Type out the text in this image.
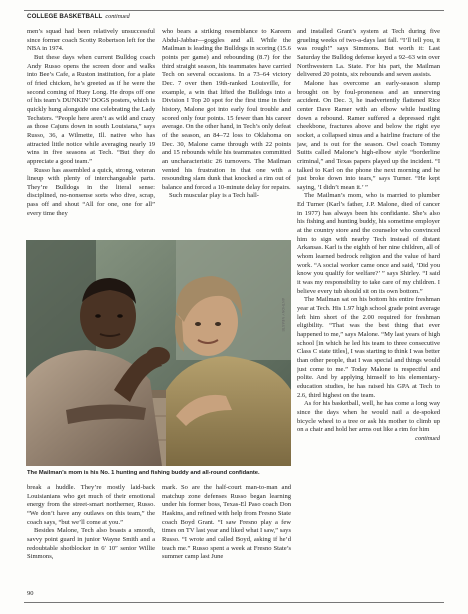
COLLEGE BASKETBALL continued

men’s squad had been relatively unsuccessful since former coach Scotty Robertson left for the NBA in 1974.

But these days when current Bulldog coach Andy Russo opens the screen door and walks into Bee’s Cafe, a Ruston institution, for a plate of fried chicken, he’s greeted as if he were the second coming of Huey Long. He drops off one of his team’s DUNKIN’ DOGS posters, which is quickly hung alongside one celebrating the Lady Techsters. “People here aren’t as wild and crazy as those Cajuns down in south Louisiana,” says Russo, 36, a Wilmette, Ill. native who has attracted little notice while averaging nearly 19 wins in five seasons at Tech. “But they do appreciate a good team.”

Russo has assembled a quick, strong, veteran lineup with plenty of interchangeable parts. They’re Bulldogs in the literal sense: disciplined, no-nonsense sorts who dive, scrap, pass off and shout “All for one, one for all” every time they

who bears a striking resemblance to Kareem Abdul-Jabbar—goggles and all. While the Mailman is leading the Bulldogs in scoring (15.6 points per game) and rebounding (8.7) for the third straight season, his teammates have carried Tech on several occasions. In a 73–64 victory Dec. 7 over then 19th-ranked Louisville, for example, a win that lifted the Bulldogs into a Division I Top 20 spot for the first time in their history, Malone got into early foul trouble and scored only four points. 15 fewer than his career average. On the other hand, in Tech’s only defeat of the season, an 84–72 loss to Oklahoma on Dec. 30, Malone came through with 22 points and 15 rebounds while his teammates committed an uncharacteristic 26 turnovers. The Mailman vented his frustration in that one with a resounding slam dunk that knocked a rim out of balance and forced a 10-minute delay for repairs.

Such muscular play is a Tech hall-

and installed Grant’s system at Tech during five grueling weeks of two-a-days last fall. “I’ll tell you, it was rough!” says Simmons. But worth it: Last Saturday the Bulldog defense keyed a 92–63 win over Northwestern La. State. For his part, the Mailman delivered 20 points, six rebounds and seven assists.

Malone has overcome an early-season slump brought on by foul-proneness and an unnerving accident. On Dec. 3, he inadvertently flattened Rice center Dave Ramer with an elbow while hustling down a rebound. Ramer suffered a depressed right cheekbone, fractures above and below the right eye socket, a collapsed sinus and a hairline fracture of the jaw, and is out for the season. Owl coach Tommy Suitts called Malone’s high-elbow style “borderline criminal,” and Texas papers played up the incident. “I talked to Karl on the phone the next morning and he just broke down into tears,” says Turner. “He kept saying, ‘I didn’t mean it.’ ”

The Mailman’s mom, who is married to plumber Ed Turner (Karl’s father, J.P. Malone, died of cancer in 1977) has always been his confidante. She’s also his fishing and hunting buddy, his sometime employer at the country store and the counselor who convinced him to sign with nearby Tech instead of distant Arkansas. Karl is the eighth of her nine children, all of whom learned bedrock religion and the value of hard work. “A social worker came once and said, ‘Did you know you qualify for welfare?’ ” says Shirley. “I said it was my responsibility to take care of my children. I believe every tub should sit on its own bottom.”

The Mailman sat on his bottom his entire freshman year at Tech. His 1.97 high school grade point average left him short of the 2.00 required for freshman eligibility. “That was the best thing that ever happened to me,” says Malone. “My last years of high school [in which he led his team to three consecutive Class C state titles], I was starting to think I was better than other people, that I was special and things would just come to me.” Today Malone is respectful and polite. And by applying himself to his elementary-education studies, he has raised his GPA at Tech to 2.6, third highest on the team.

As for his basketball, well, he has come a long way since the days when he would nail a de-spoked bicycle wheel to a tree or ask his mother to climb up on a chair and hold her arms out like a rim for him

continued
ANTHONY NEASTE
The Mailman’s mom is his No. 1 hunting and fishing buddy and all-round confidante.

break a huddle. They’re mostly laid-back Louisianians who get much of their emotional energy from the street-smart northerner, Russo. “We don’t have any outlaws on this team,” the coach says, “but we’ll come at you.”

Besides Malone, Tech also boasts a smooth, savvy point guard in junior Wayne Smith and a redoubtable shotblocker in 6′ 10″ senior Willie Simmons,

mark. So are the half-court man-to-man and matchup zone defenses Russo began learning under his former boss, Texas-El Paso coach Don Haskins, and refined with help from Fresno State coach Boyd Grant. “I saw Fresno play a few times on TV last year and liked what I saw,” says Russo. “I wrote and called Boyd, asking if he’d teach me.” Russo spent a week at Fresno State’s summer camp last June

90
